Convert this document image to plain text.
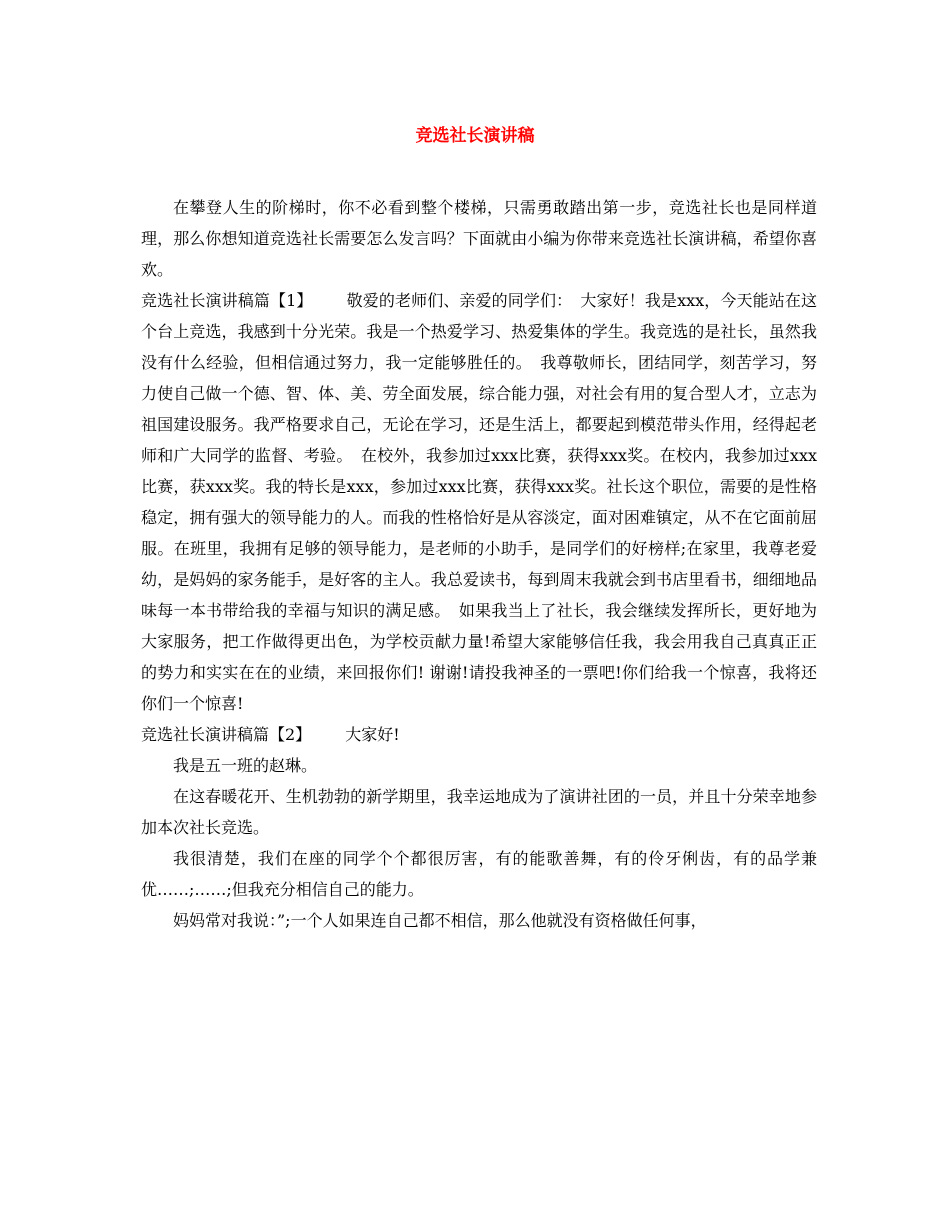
竞选社长演讲稿

在攀登人生的阶梯时，你不必看到整个楼梯，只需勇敢踏出第一步，竞选社长也是同样道理，那么你想知道竞选社长需要怎么发言吗？下面就由小编为你带来竞选社长演讲稿，希望你喜欢。

竞选社长演讲稿篇【1】 敬爱的老师们、亲爱的同学们：　大家好！我是xxx，今天能站在这个台上竞选，我感到十分光荣。我是一个热爱学习、热爱集体的学生。我竞选的是社长，虽然我没有什么经验，但相信通过努力，我一定能够胜任的。　我尊敬师长，团结同学，刻苦学习，努力使自己做一个德、智、体、美、劳全面发展，综合能力强，对社会有用的复合型人才，立志为祖国建设服务。我严格要求自己，无论在学习，还是生活上，都要起到模范带头作用，经得起老师和广大同学的监督、考验。　在校外，我参加过xxx比赛，获得xxx奖。在校内，我参加过xxx比赛，获xxx奖。我的特长是xxx，参加过xxx比赛，获得xxx奖。社长这个职位，需要的是性格稳定，拥有强大的领导能力的人。而我的性格恰好是从容淡定，面对困难镇定，从不在它面前屈服。在班里，我拥有足够的领导能力，是老师的小助手，是同学们的好榜样;在家里，我尊老爱幼，是妈妈的家务能手，是好客的主人。我总爱读书，每到周末我就会到书店里看书，细细地品味每一本书带给我的幸福与知识的满足感。　如果我当上了社长，我会继续发挥所长，更好地为大家服务，把工作做得更出色，为学校贡献力量!希望大家能够信任我，我会用我自己真真正正的势力和实实在在的业绩，来回报你们! 谢谢!请投我神圣的一票吧!你们给我一个惊喜，我将还你们一个惊喜!

竞选社长演讲稿篇【2】 大家好!

我是五一班的赵琳。

在这春暖花开、生机勃勃的新学期里，我幸运地成为了演讲社团的一员，并且十分荣幸地参加本次社长竞选。

我很清楚，我们在座的同学个个都很厉害，有的能歌善舞，有的伶牙俐齿，有的品学兼优……;……;但我充分相信自己的能力。

妈妈常对我说：”;一个人如果连自己都不相信，那么他就没有资格做任何事，
